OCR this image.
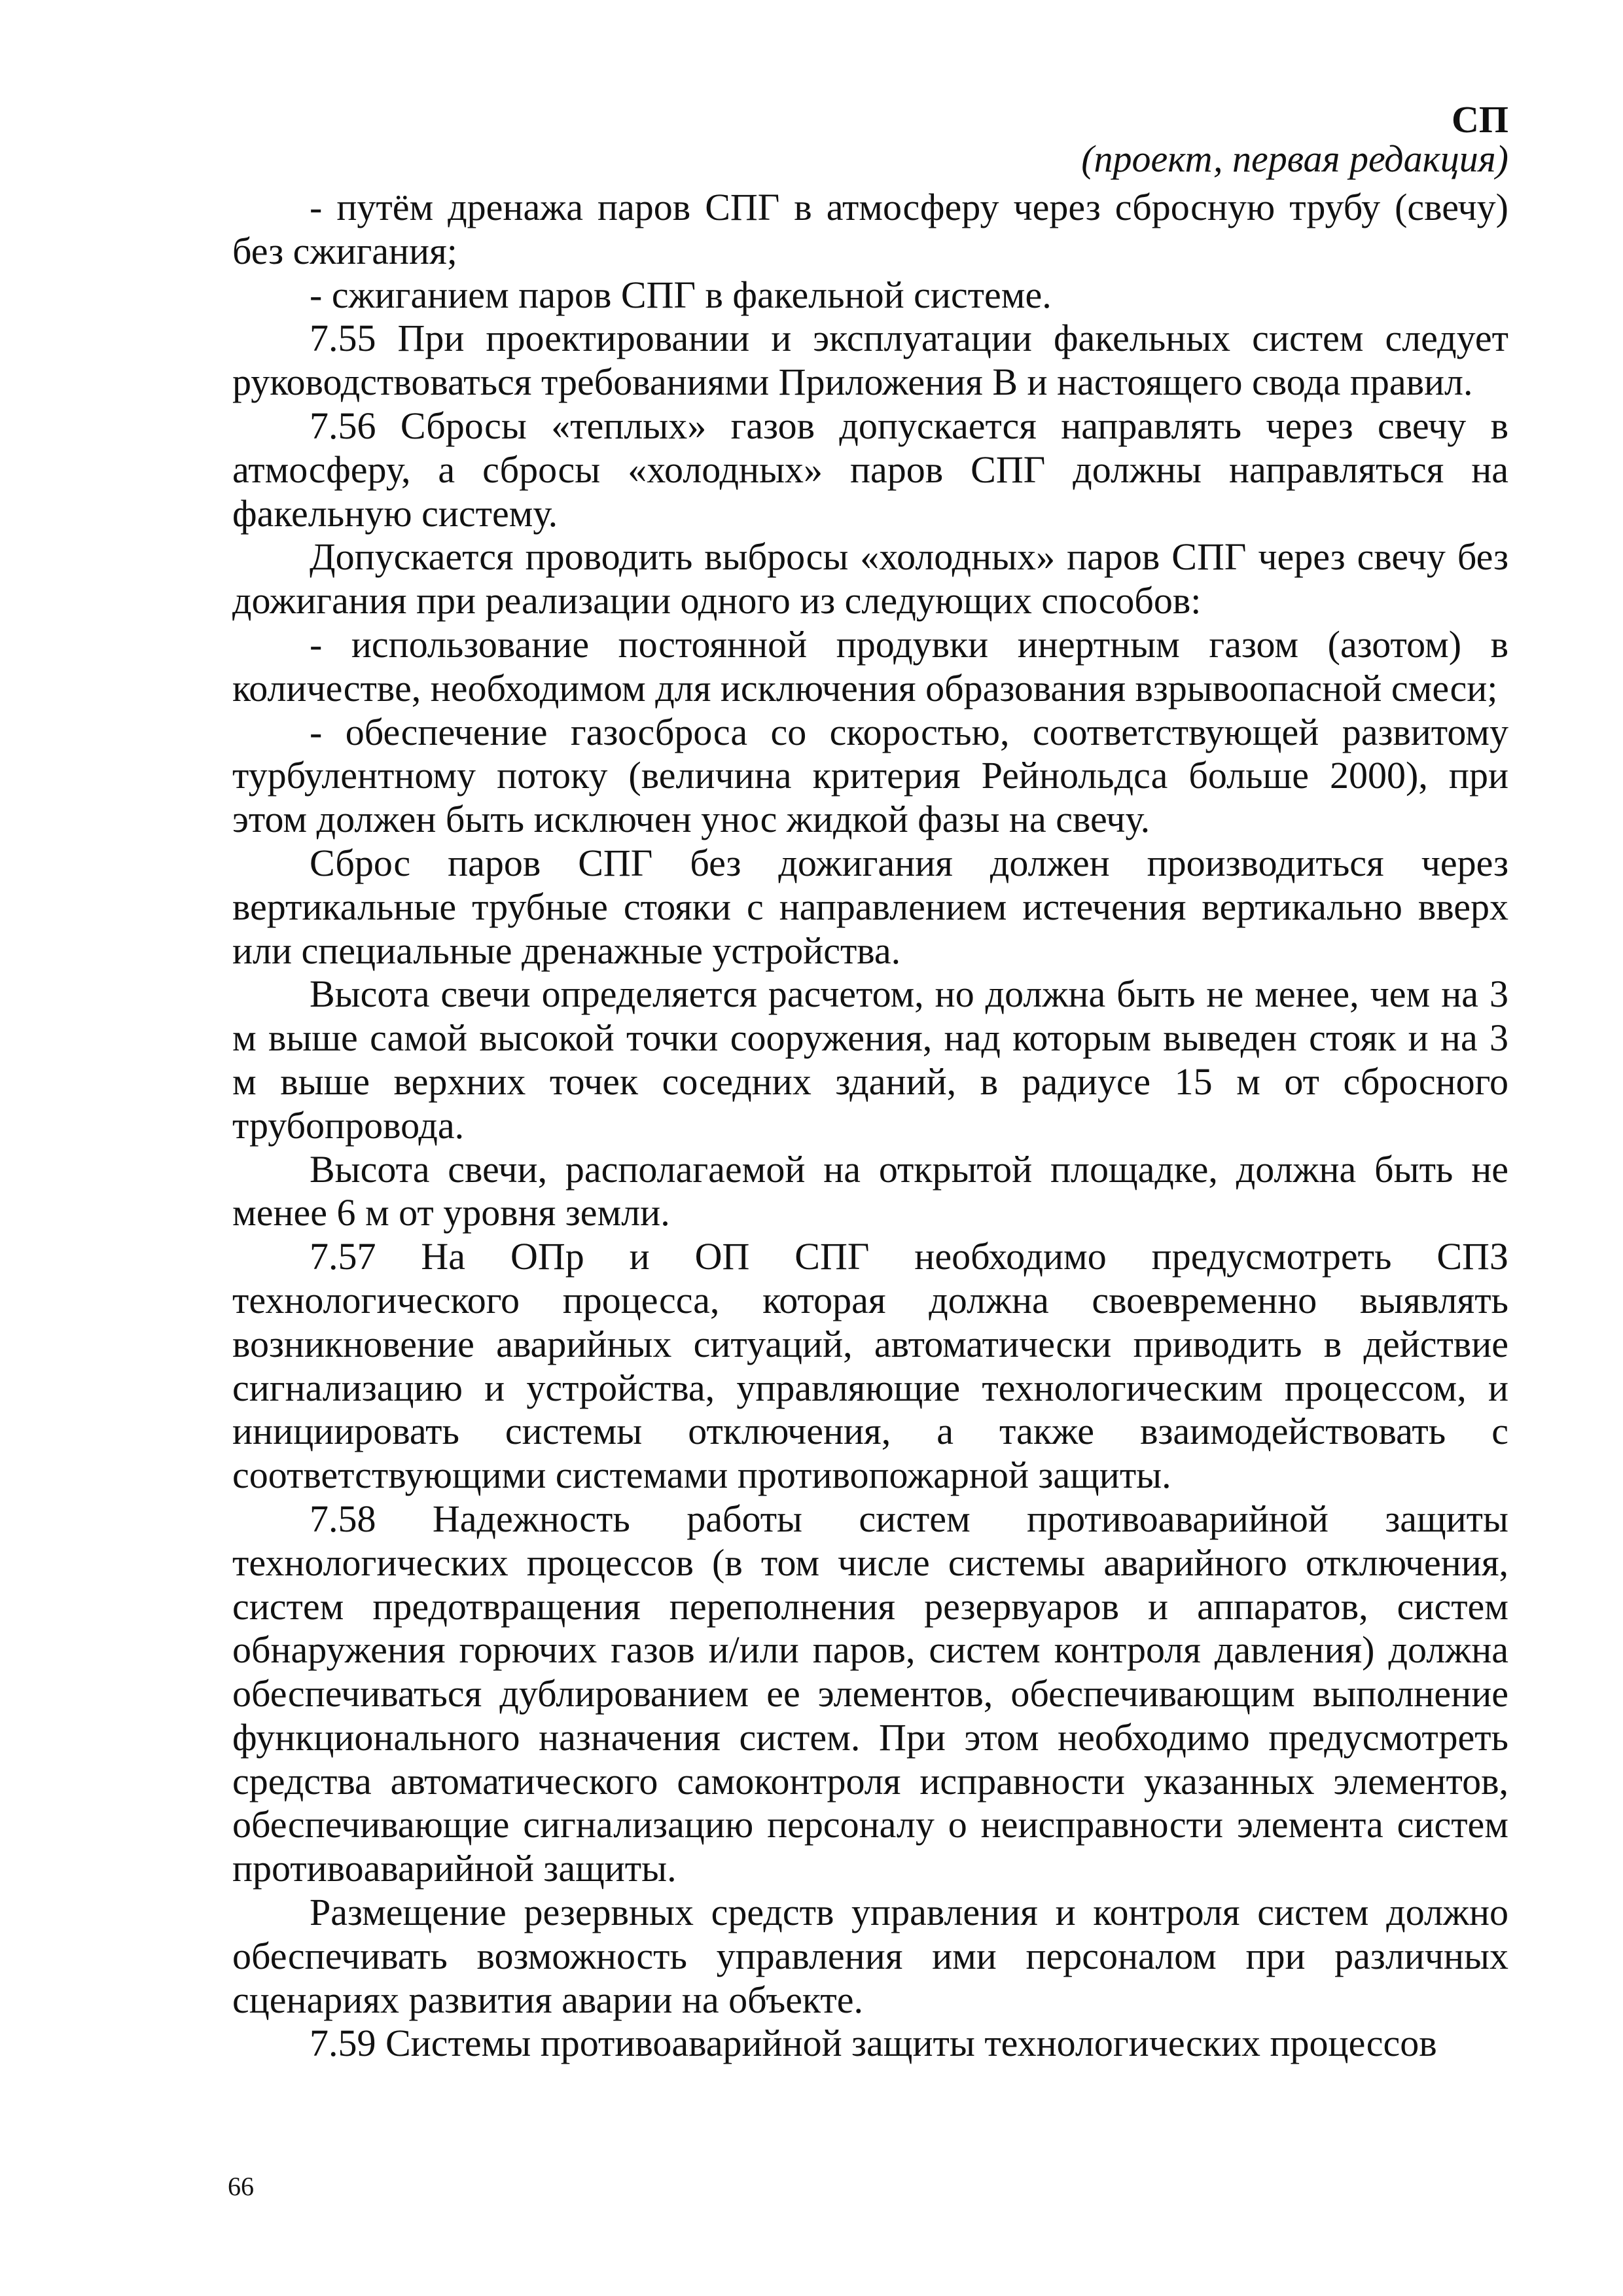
СП
(проект, первая редакция)

- путём дренажа паров СПГ в атмосферу через сбросную трубу (свечу) без сжигания;

- сжиганием паров СПГ в факельной системе.

7.55 При проектировании и эксплуатации факельных систем следует руководствоваться требованиями Приложения В и настоящего свода правил.

7.56 Сбросы «теплых» газов допускается направлять через свечу в атмосферу, а сбросы «холодных» паров СПГ должны направляться на факельную систему.

Допускается проводить выбросы «холодных» паров СПГ через свечу без дожигания при реализации одного из следующих способов:

- использование постоянной продувки инертным газом (азотом) в количестве, необходимом для исключения образования взрывоопасной смеси;

- обеспечение газосброса со скоростью, соответствующей развитому турбулентному потоку (величина критерия Рейнольдса больше 2000), при этом должен быть исключен унос жидкой фазы на свечу.

Сброс паров СПГ без дожигания должен производиться через вертикальные трубные стояки с направлением истечения вертикально вверх или специальные дренажные устройства.

Высота свечи определяется расчетом, но должна быть не менее, чем на 3 м выше самой высокой точки сооружения, над которым выведен стояк и на 3 м выше верхних точек соседних зданий, в радиусе 15 м от сбросного трубопровода.

Высота свечи, располагаемой на открытой площадке, должна быть не менее 6 м от уровня земли.

7.57 На ОПр и ОП СПГ необходимо предусмотреть СПЗ технологического процесса, которая должна своевременно выявлять возникновение аварийных ситуаций, автоматически приводить в действие сигнализацию и устройства, управляющие технологическим процессом, и инициировать системы отключения, а также взаимодействовать с соответствующими системами противопожарной защиты.

7.58 Надежность работы систем противоаварийной защиты технологических процессов (в том числе системы аварийного отключения, систем предотвращения переполнения резервуаров и аппаратов, систем обнаружения горючих газов и/или паров, систем контроля давления) должна обеспечиваться дублированием ее элементов, обеспечивающим выполнение функционального назначения систем. При этом необходимо предусмотреть средства автоматического самоконтроля исправности указанных элементов, обеспечивающие сигнализацию персоналу о неисправности элемента систем противоаварийной защиты.

Размещение резервных средств управления и контроля систем должно обеспечивать возможность управления ими персоналом при различных сценариях развития аварии на объекте.

7.59 Системы противоаварийной защиты технологических процессов

66
